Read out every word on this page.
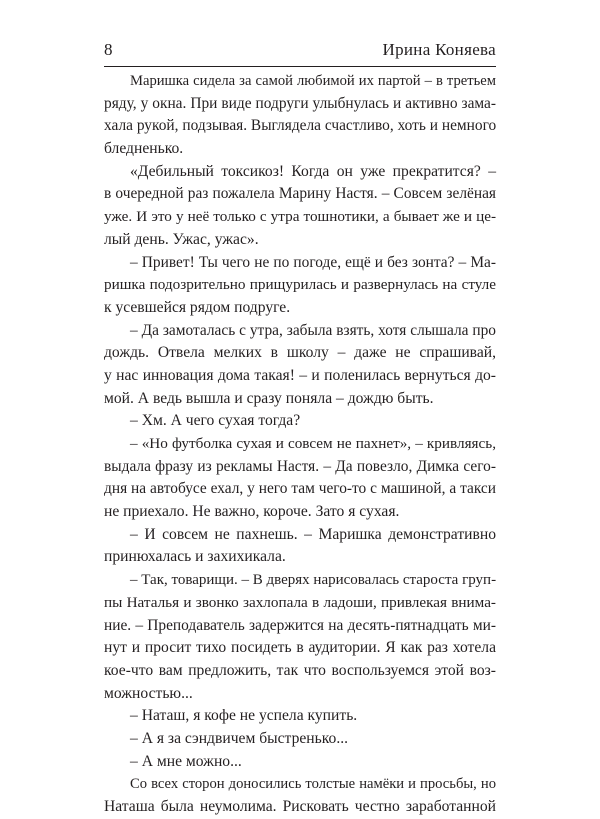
8	Ирина Коняева
Маришка сидела за самой любимой их партой – в третьем
ряду, у окна. При виде подруги улыбнулась и активно зама-
хала рукой, подзывая. Выглядела счастливо, хоть и немного
бледненько.
«Дебильный токсикоз! Когда он уже прекратится? –
в очередной раз пожалела Марину Настя. – Совсем зелёная
уже. И это у неё только с утра тошнотики, а бывает же и це-
лый день. Ужас, ужас».
– Привет! Ты чего не по погоде, ещё и без зонта? – Ма-
ришка подозрительно прищурилась и развернулась на стуле
к усевшейся рядом подруге.
– Да замоталась с утра, забыла взять, хотя слышала про
дождь. Отвела мелких в школу – даже не спрашивай,
у нас инновация дома такая! – и поленилась вернуться до-
мой. А ведь вышла и сразу поняла – дождю быть.
– Хм. А чего сухая тогда?
– «Но футболка сухая и совсем не пахнет», – кривляясь,
выдала фразу из рекламы Настя. – Да повезло, Димка сего-
дня на автобусе ехал, у него там чего-то с машиной, а такси
не приехало. Не важно, короче. Зато я сухая.
– И совсем не пахнешь. – Маришка демонстративно
принюхалась и захихикала.
– Так, товарищи. – В дверях нарисовалась староста груп-
пы Наталья и звонко захлопала в ладоши, привлекая внима-
ние. – Преподаватель задержится на десять-пятнадцать ми-
нут и просит тихо посидеть в аудитории. Я как раз хотела
кое-что вам предложить, так что воспользуемся этой воз-
можностью...
– Наташ, я кофе не успела купить.
– А я за сэндвичем быстренько...
– А мне можно...
Со всех сторон доносились толстые намёки и просьбы, но
Наташа была неумолима. Рисковать честно заработанной
